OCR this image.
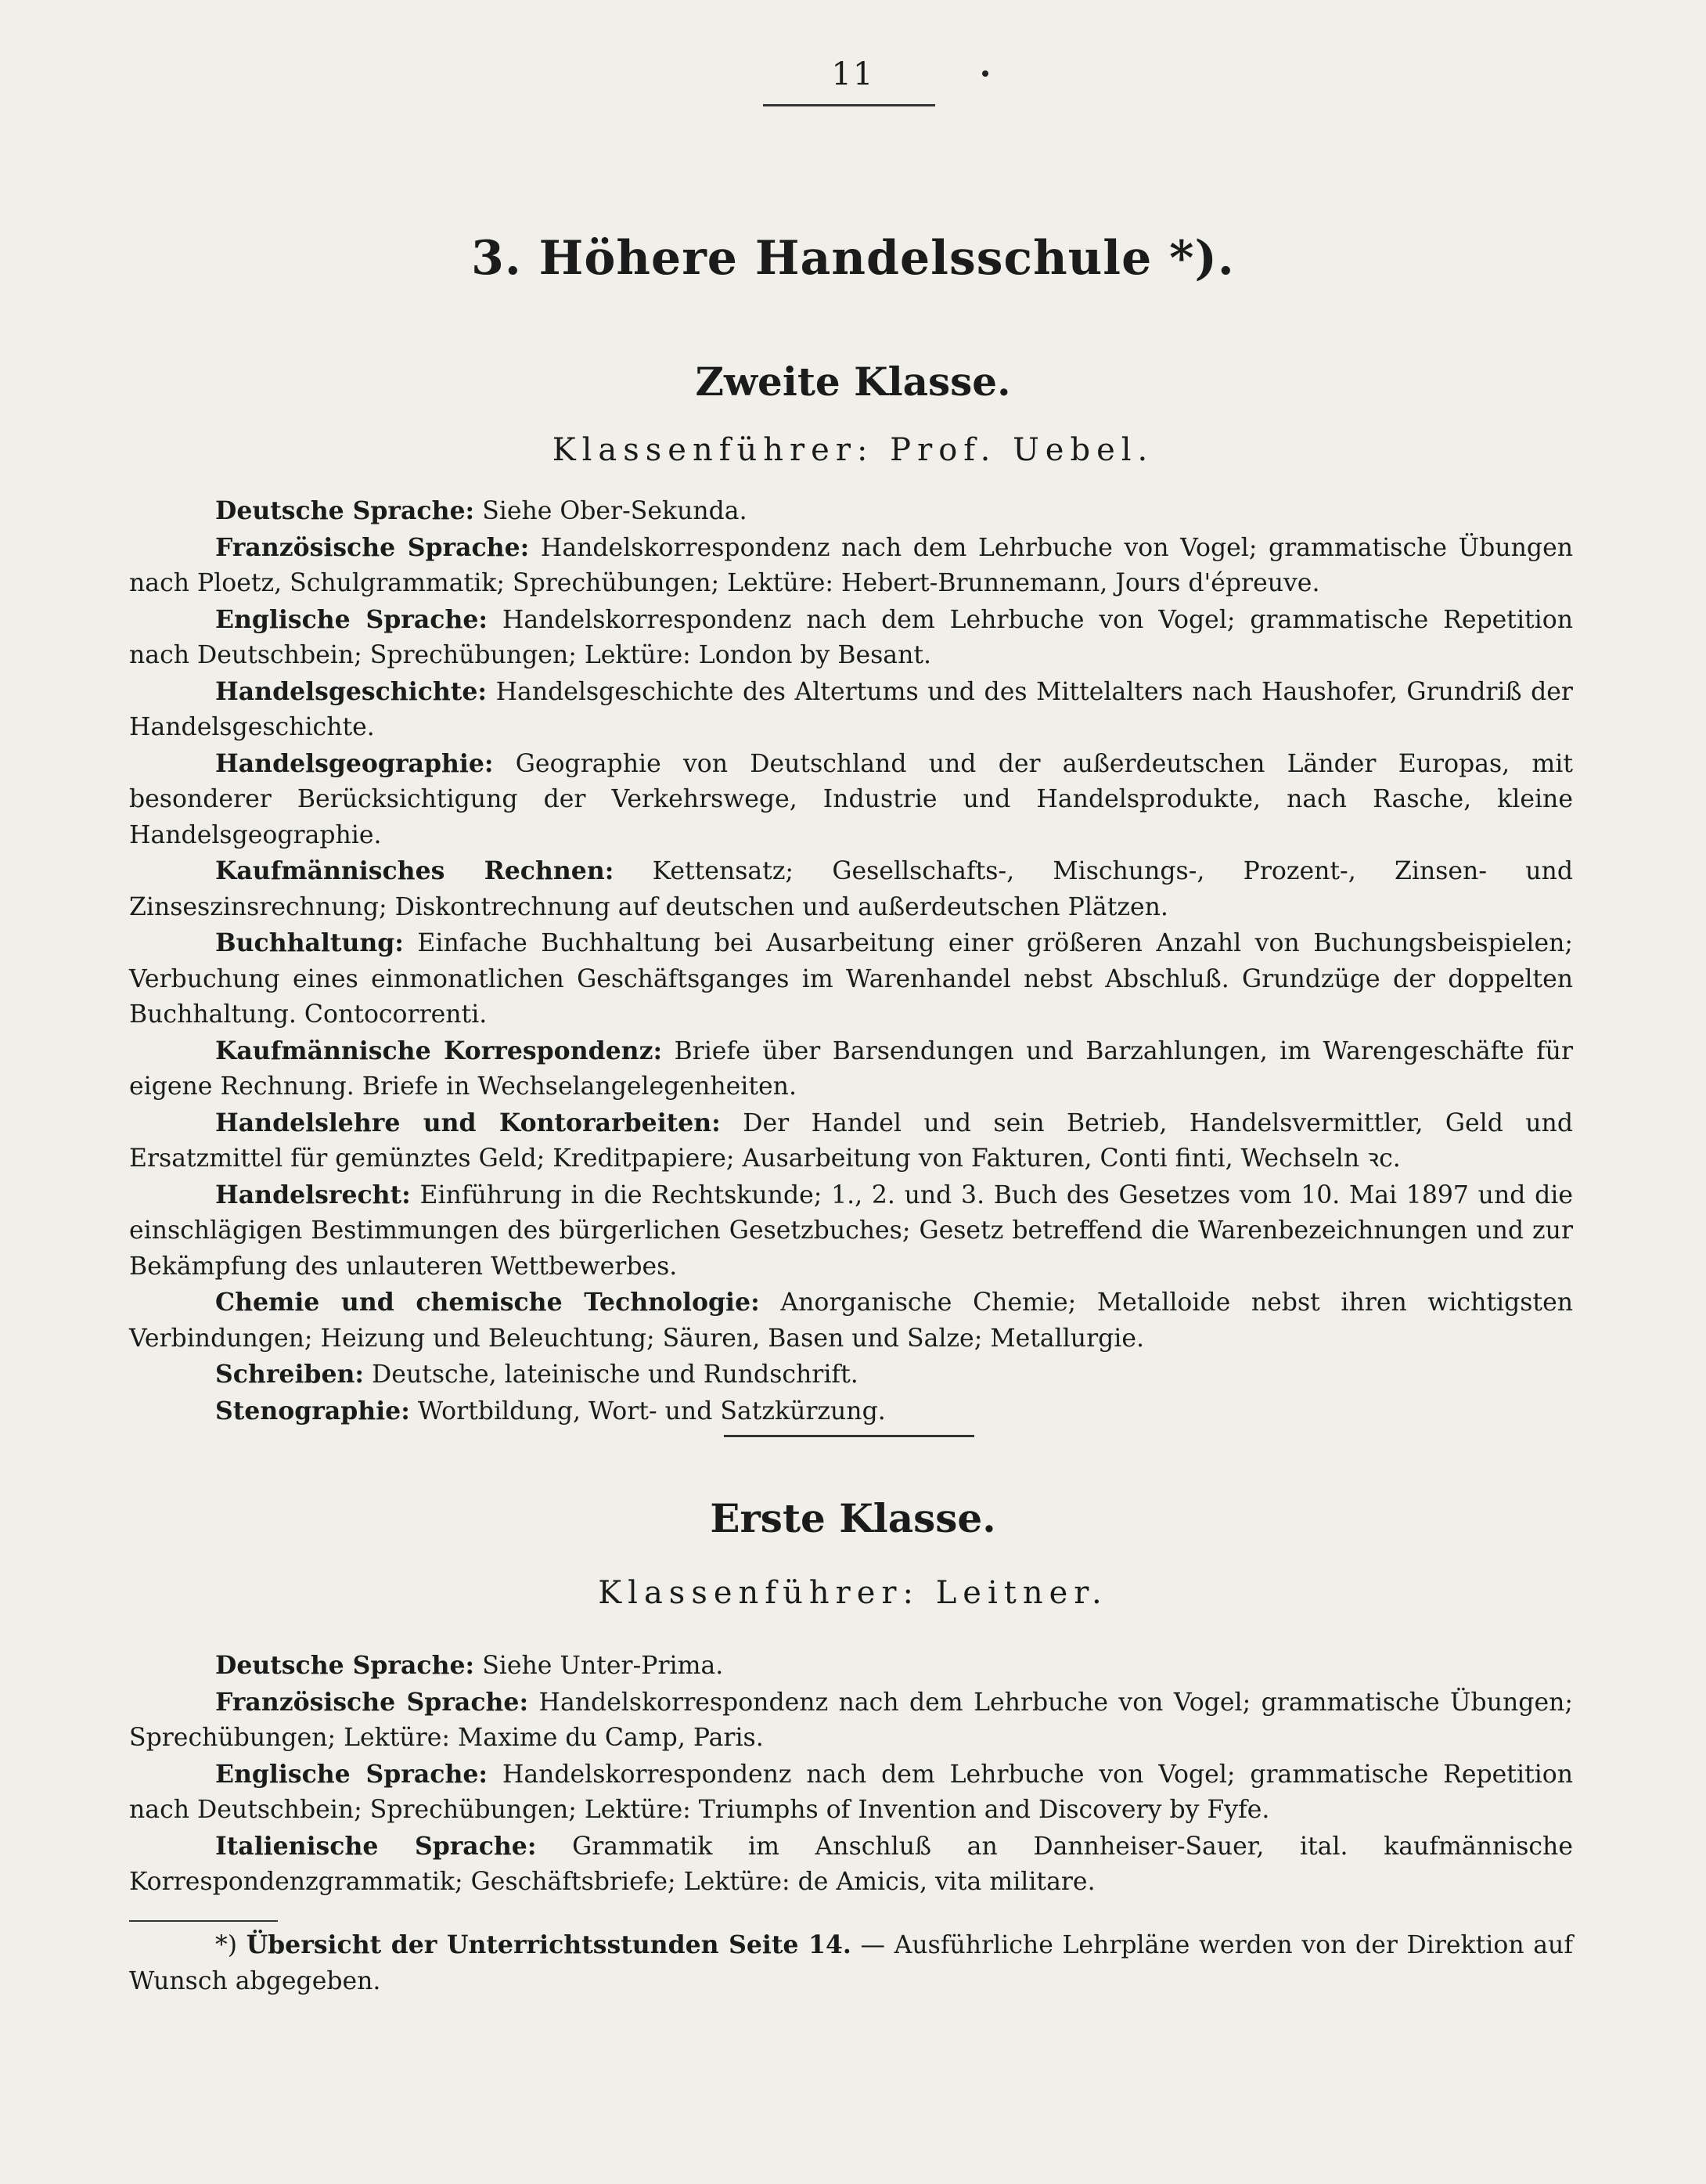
11
3. Höhere Handelsschule *).
Zweite Klasse.
Klassenführer: Prof. Uebel.

Deutsche Sprache: Siehe Ober-Sekunda.

Französische Sprache: Handelskorrespondenz nach dem Lehrbuche von Vogel; grammatische Übungen nach Ploetz, Schulgrammatik; Sprechübungen; Lektüre: Hebert-Brunnemann, Jours d'épreuve.

Englische Sprache: Handelskorrespondenz nach dem Lehrbuche von Vogel; grammatische Repetition nach Deutschbein; Sprechübungen; Lektüre: London by Besant.

Handelsgeschichte: Handelsgeschichte des Altertums und des Mittelalters nach Haushofer, Grundriß der Handelsgeschichte.

Handelsgeographie: Geographie von Deutschland und der außerdeutschen Länder Europas, mit besonderer Berücksichtigung der Verkehrswege, Industrie und Handelsprodukte, nach Rasche, kleine Handelsgeographie.

Kaufmännisches Rechnen: Kettensatz; Gesellschafts-, Mischungs-, Prozent-, Zinsen- und Zinseszinsrechnung; Diskontrechnung auf deutschen und außerdeutschen Plätzen.

Buchhaltung: Einfache Buchhaltung bei Ausarbeitung einer größeren Anzahl von Buchungsbeispielen; Verbuchung eines einmonatlichen Geschäftsganges im Warenhandel nebst Abschluß. Grundzüge der doppelten Buchhaltung. Contocorrenti.

Kaufmännische Korrespondenz: Briefe über Barsendungen und Barzahlungen, im Warengeschäfte für eigene Rechnung. Briefe in Wechselangelegenheiten.

Handelslehre und Kontorarbeiten: Der Handel und sein Betrieb, Handelsvermittler, Geld und Ersatzmittel für gemünztes Geld; Kreditpapiere; Ausarbeitung von Fakturen, Conti finti, Wechseln ꝛc.

Handelsrecht: Einführung in die Rechtskunde; 1., 2. und 3. Buch des Gesetzes vom 10. Mai 1897 und die einschlägigen Bestimmungen des bürgerlichen Gesetzbuches; Gesetz betreffend die Warenbezeichnungen und zur Bekämpfung des unlauteren Wettbewerbes.

Chemie und chemische Technologie: Anorganische Chemie; Metalloide nebst ihren wichtigsten Verbindungen; Heizung und Beleuchtung; Säuren, Basen und Salze; Metallurgie.

Schreiben: Deutsche, lateinische und Rundschrift.

Stenographie: Wortbildung, Wort- und Satzkürzung.

Erste Klasse.
Klassenführer: Leitner.

Deutsche Sprache: Siehe Unter-Prima.

Französische Sprache: Handelskorrespondenz nach dem Lehrbuche von Vogel; grammatische Übungen; Sprechübungen; Lektüre: Maxime du Camp, Paris.

Englische Sprache: Handelskorrespondenz nach dem Lehrbuche von Vogel; grammatische Repetition nach Deutschbein; Sprechübungen; Lektüre: Triumphs of Invention and Discovery by Fyfe.

Italienische Sprache: Grammatik im Anschluß an Dannheiser-Sauer, ital. kaufmännische Korrespondenzgrammatik; Geschäftsbriefe; Lektüre: de Amicis, vita militare.

*) Übersicht der Unterrichtsstunden Seite 14. — Ausführliche Lehrpläne werden von der Direktion auf Wunsch abgegeben.
